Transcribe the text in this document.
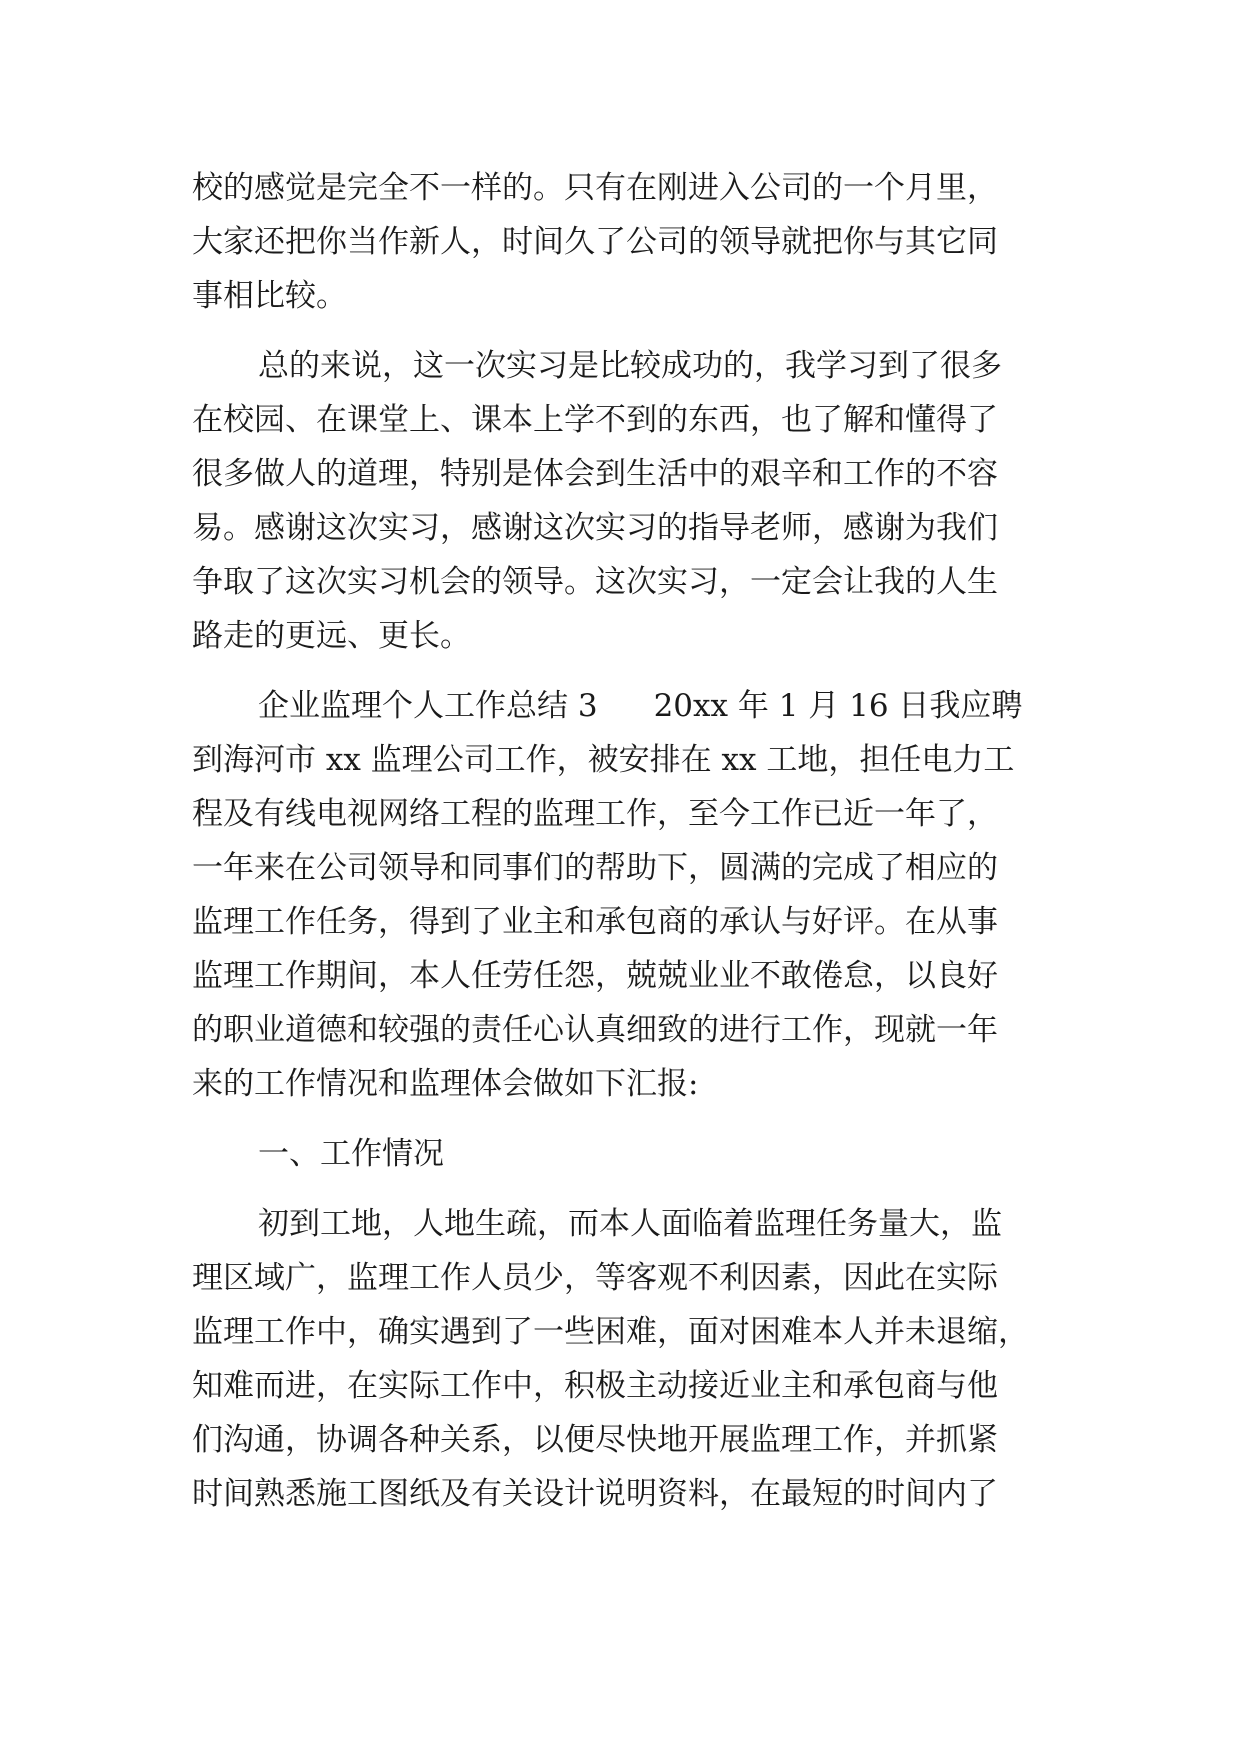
校的感觉是完全不一样的。只有在刚进入公司的一个月里，
大家还把你当作新人，时间久了公司的领导就把你与其它同
事相比较。
总的来说，这一次实习是比较成功的，我学习到了很多
在校园、在课堂上、课本上学不到的东西，也了解和懂得了
很多做人的道理，特别是体会到生活中的艰辛和工作的不容
易。感谢这次实习，感谢这次实习的指导老师，感谢为我们
争取了这次实习机会的领导。这次实习，一定会让我的人生
路走的更远、更长。
企业监理个人工作总结 3 20xx 年 1 月 16 日我应聘
到海河市 xx 监理公司工作，被安排在 xx 工地，担任电力工
程及有线电视网络工程的监理工作，至今工作已近一年了，
一年来在公司领导和同事们的帮助下，圆满的完成了相应的
监理工作任务，得到了业主和承包商的承认与好评。在从事
监理工作期间，本人任劳任怨，兢兢业业不敢倦怠，以良好
的职业道德和较强的责任心认真细致的进行工作，现就一年
来的工作情况和监理体会做如下汇报:
一、工作情况
初到工地，人地生疏，而本人面临着监理任务量大，监
理区域广，监理工作人员少，等客观不利因素，因此在实际
监理工作中，确实遇到了一些困难，面对困难本人并未退缩，
知难而进，在实际工作中，积极主动接近业主和承包商与他
们沟通，协调各种关系，以便尽快地开展监理工作，并抓紧
时间熟悉施工图纸及有关设计说明资料，在最短的时间内了
